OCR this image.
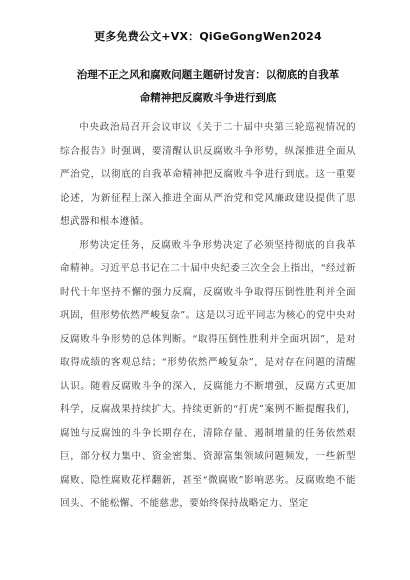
更多免费公文+VX：QiGeGongWen2024
治理不正之风和腐败问题主题研讨发言：以彻底的自我革
命精神把反腐败斗争进行到底

中央政治局召开会议审议《关于二十届中央第三轮巡视情况的综合报告》时强调，要清醒认识反腐败斗争形势，纵深推进全面从严治党，以彻底的自我革命精神把反腐败斗争进行到底。这一重要论述，为新征程上深入推进全面从严治党和党风廉政建设提供了思想武器和根本遵循。

形势决定任务，反腐败斗争形势决定了必须坚持彻底的自我革命精神。习近平总书记在二十届中央纪委三次全会上指出，“经过新时代十年坚持不懈的强力反腐，反腐败斗争取得压倒性胜利并全面巩固，但形势依然严峻复杂”。这是以习近平同志为核心的党中央对反腐败斗争形势的总体判断。“取得压倒性胜利并全面巩固”，是对取得成绩的客观总结；“形势依然严峻复杂”，是对存在问题的清醒认识。随着反腐败斗争的深入，反腐能力不断增强，反腐方式更加科学，反腐战果持续扩大。持续更新的“打虎”案例不断提醒我们，腐蚀与反腐蚀的斗争长期存在，清除存量、遏制增量的任务依然艰巨，部分权力集中、资金密集、资源富集领域问题频发，一些新型腐败、隐性腐败花样翻新，甚至“微腐败”影响恶劣。反腐败绝不能回头、不能松懈、不能慈悲，要始终保持战略定力、坚定
